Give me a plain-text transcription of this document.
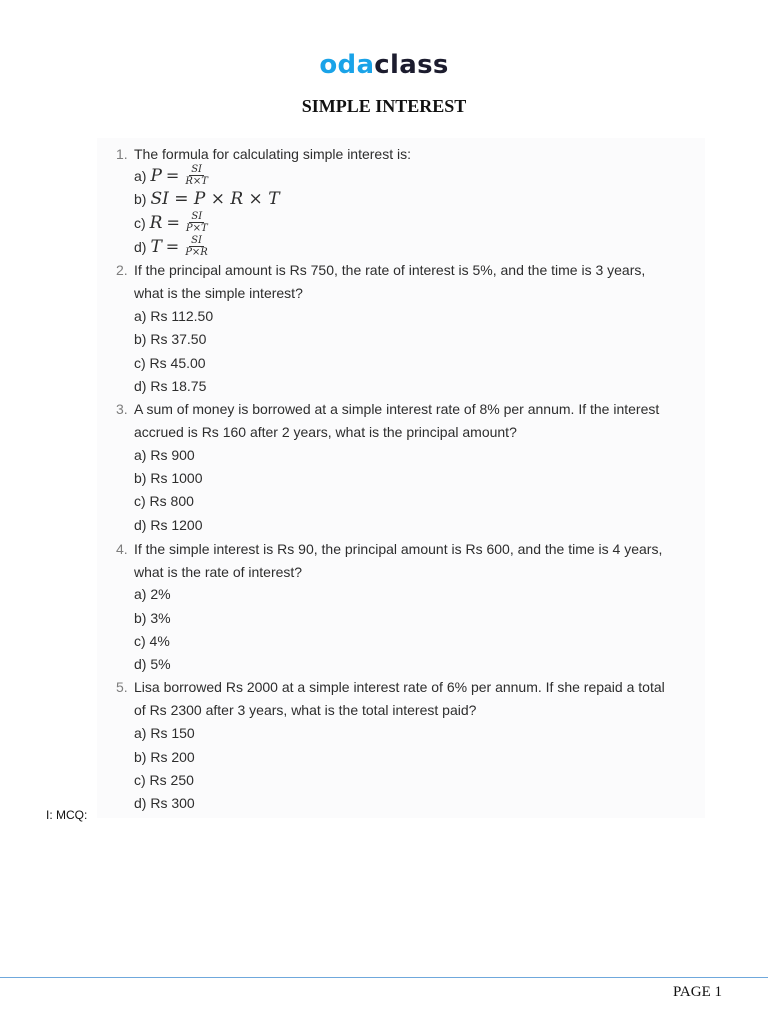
odaclass
SIMPLE INTEREST
1. The formula for calculating simple interest is:
a) $P = \frac{SI}{R\times T}$
b) SI = P × R × T
c) $R = \frac{SI}{P\times T}$
d) $T = \frac{SI}{P\times R}$
2. If the principal amount is Rs 750, the rate of interest is 5%, and the time is 3 years,
what is the simple interest?
a) Rs 112.50
b) Rs 37.50
c) Rs 45.00
d) Rs 18.75
3. A sum of money is borrowed at a simple interest rate of 8% per annum. If the interest
accrued is Rs 160 after 2 years, what is the principal amount?
a) Rs 900
b) Rs 1000
c) Rs 800
d) Rs 1200
4. If the simple interest is Rs 90, the principal amount is Rs 600, and the time is 4 years,
what is the rate of interest?
a) 2%
b) 3%
c) 4%
d) 5%
5. Lisa borrowed Rs 2000 at a simple interest rate of 6% per annum. If she repaid a total
of Rs 2300 after 3 years, what is the total interest paid?
a) Rs 150
b) Rs 200
c) Rs 250
d) Rs 300
I: MCQ:
PAGE 1
